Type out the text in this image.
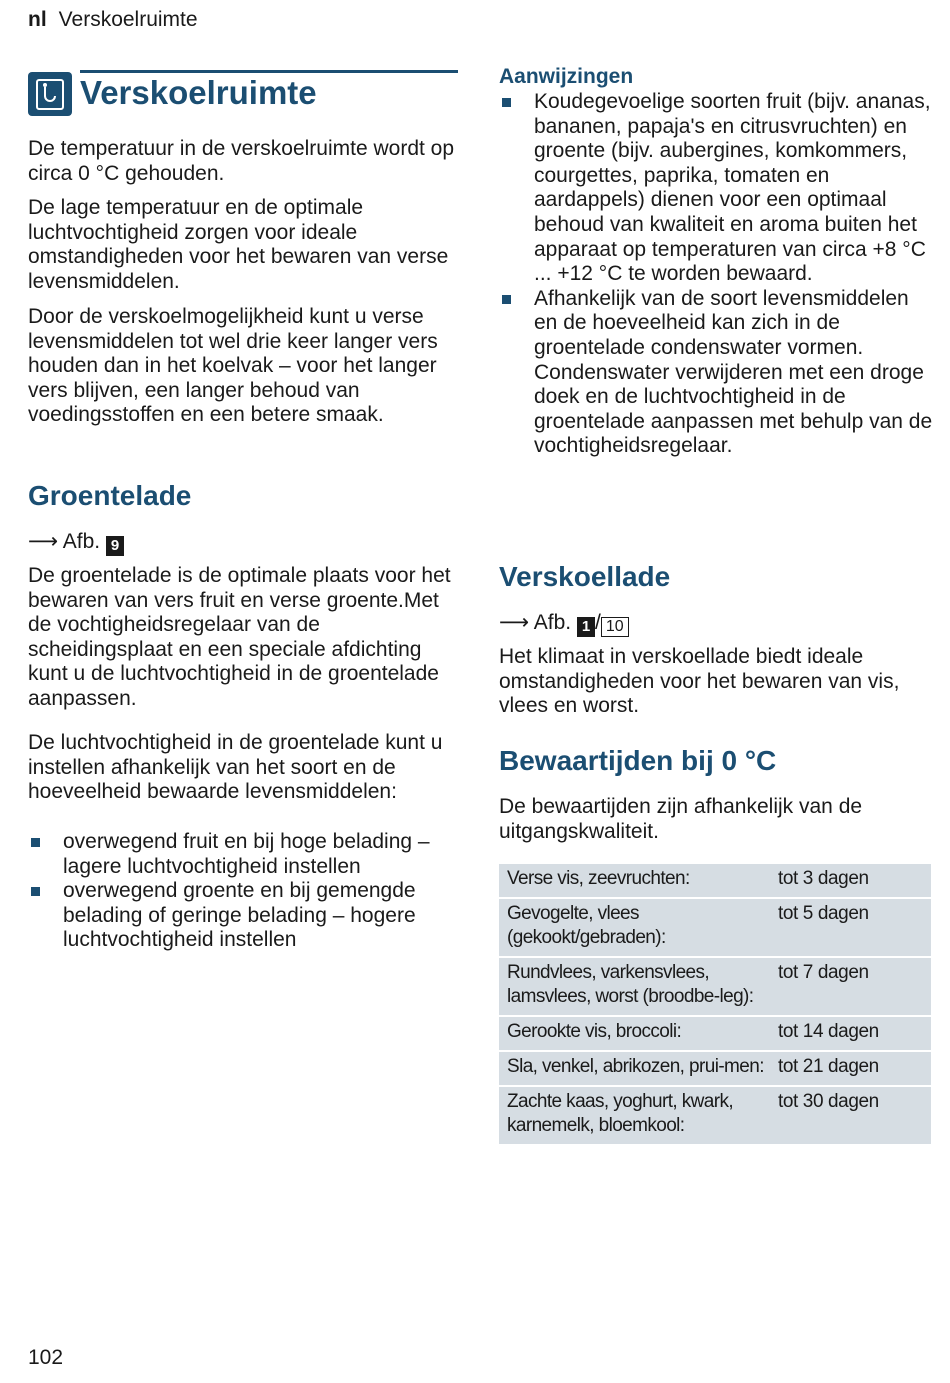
nl Verskoelruimte
Verskoelruimte

De temperatuur in de verskoelruimte wordt op circa 0 °C gehouden.

De lage temperatuur en de optimale luchtvochtigheid zorgen voor ideale omstandigheden voor het bewaren van verse levensmiddelen.

Door de verskoelmogelijkheid kunt u verse levensmiddelen tot wel drie keer langer vers houden dan in het koelvak – voor het langer vers blijven, een langer behoud van voedingsstoffen en een betere smaak.

Groentelade
⟶ Afb. 9

De groentelade is de optimale plaats voor het bewaren van vers fruit en verse groente.Met de vochtigheidsregelaar van de scheidingsplaat en een speciale afdichting kunt u de luchtvochtigheid in de groentelade aanpassen.

De luchtvochtigheid in de groentelade kunt u instellen afhankelijk van het soort en de hoeveelheid bewaarde levensmiddelen:

overwegend fruit en bij hoge belading – lagere luchtvochtigheid instellen
overwegend groente en bij gemengde belading of geringe belading – hogere luchtvochtigheid instellen
Aanwijzingen
Koudegevoelige soorten fruit (bijv. ananas, bananen, papaja's en citrusvruchten) en groente (bijv. aubergines, komkommers, courgettes, paprika, tomaten en aardappels) dienen voor een optimaal behoud van kwaliteit en aroma buiten het apparaat op temperaturen van circa +8 °C ... +12 °C te worden bewaard.
Afhankelijk van de soort levensmiddelen en de hoeveelheid kan zich in de groentelade condenswater vormen. Condenswater verwijderen met een droge doek en de luchtvochtigheid in de groentelade aanpassen met behulp van de vochtigheidsregelaar.
Verskoellade
⟶ Afb. 1 / 10

Het klimaat in verskoellade biedt ideale omstandigheden voor het bewaren van vis, vlees en worst.

Bewaartijden bij 0 °C

De bewaartijden zijn afhankelijk van de uitgangskwaliteit.

Verse vis, zeevruchten:	tot 3 dagen
Gevogelte, vlees (gekookt/gebraden):
tot 5 dagen
Rundvlees, varkensvlees, lamsvlees, worst (broodbe-leg):
tot 7 dagen
Gerookte vis, broccoli:	tot 14 dagen
Sla, venkel, abrikozen, prui-men: tot 21 dagen
Zachte kaas, yoghurt, kwark, karnemelk, bloemkool:
tot 30 dagen
102
